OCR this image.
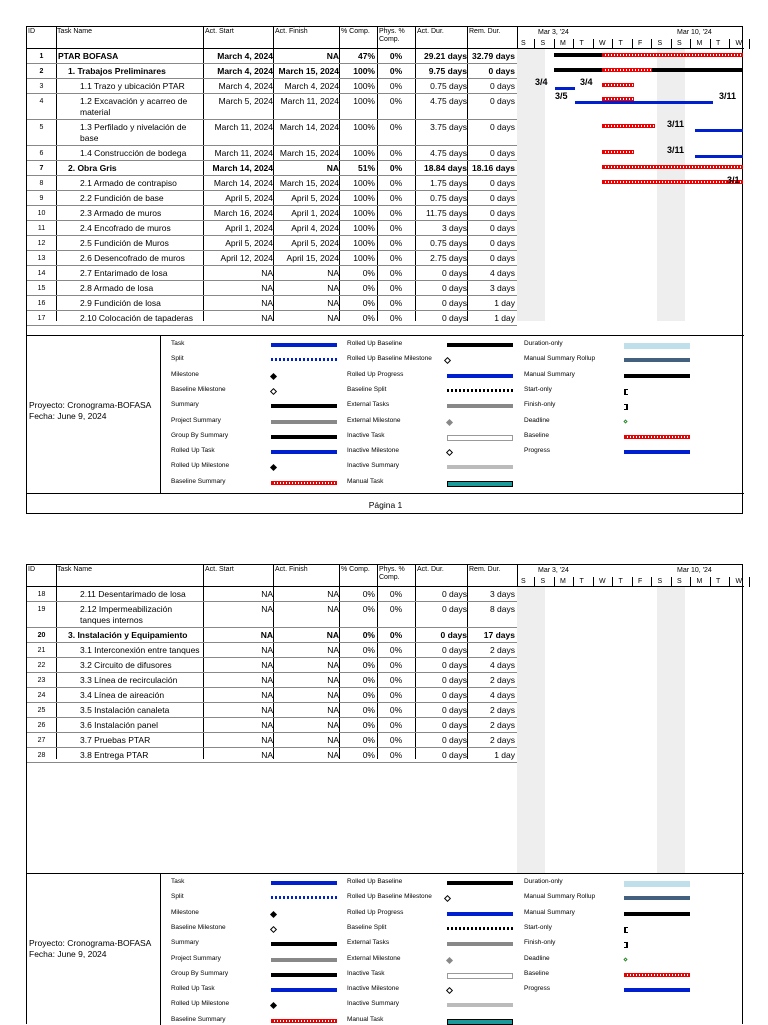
ID	Task Name	Act. Start	Act. Finish	% Comp. Phys. % Comp.
Act. Dur.	Rem. Dur.	Mar 3, '24	Mar 10, '24
S S M T W T F S S M T W
1	PTAR BOFASA	March 4, 2024	NA	47%	0%	29.21 days 32.79 days
2	1. Trabajos Preliminares	March 4, 2024 March 15, 2024	100%	0%	9.75 days	0 days
3	1.1 Trazo y ubicación PTAR	March 4, 2024	March 4, 2024	100%	0%	0.75 days	0 days
4	1.2 Excavación y acarreo de material
March 5, 2024 March 11, 2024	100%	0%	4.75 days	0 days
5	1.3 Perfilado y nivelación de base
March 11, 2024 March 14, 2024	100%	0%	3.75 days	0 days
6	1.4 Construcción de bodega	March 11, 2024 March 15, 2024	100%	0%	4.75 days	0 days
7	2. Obra Gris	March 14, 2024	NA	51%	0%	18.84 days 18.16 days
8	2.1 Armado de contrapiso	March 14, 2024 March 15, 2024	100%	0%	1.75 days	0 days
9	2.2 Fundición de base	April 5, 2024	April 5, 2024	100%	0%	0.75 days	0 days
10	2.3 Armado de muros	March 16, 2024	April 1, 2024	100%	0%	11.75 days	0 days
11	2.4 Encofrado de muros	April 1, 2024	April 4, 2024	100%	0%	3 days	0 days
12	2.5 Fundición de Muros	April 5, 2024	April 5, 2024	100%	0%	0.75 days	0 days
13	2.6 Desencofrado de muros	April 12, 2024	April 15, 2024	100%	0%	2.75 days	0 days
14	2.7 Entarimado de losa	NA	NA	0%	0%	0 days	4 days
15	2.8 Armado de losa	NA	NA	0%	0%	0 days	3 days
16	2.9 Fundición de losa	NA	NA	0%	0%	0 days	1 day
17	2.10 Colocación de tapaderas	NA	NA	0%	0%	0 days	1 day
3/4	3/4
3/5	3/11
3/11
3/11
3/1
Proyecto: Cronograma-BOFASA
Fecha: June 9, 2024
Task
Split
Milestone
Baseline Milestone
Summary
Project Summary
Group By Summary
Rolled Up Task
Rolled Up Milestone
Baseline Summary
Rolled Up Baseline
Rolled Up Baseline Milestone
Rolled Up Progress
Baseline Split
External Tasks
External Milestone
Inactive Task
Inactive Milestone
Inactive Summary
Manual Task
Duration-only
Manual Summary Rollup
Manual Summary
Start-only
Finish-only
Deadline
Baseline
Progress
Página 1
ID	Task Name	Act. Start	Act. Finish	% Comp. Phys. % Comp.
Act. Dur.	Rem. Dur.	Mar 3, '24	Mar 10, '24
S S M T W T F S S M T W
18	2.11 Desentarimado de losa	NA	NA	0%	0%	0 days	3 days
19	2.12 Impermeabilización tanques internos
NA	NA	0%	0%	0 days	8 days
20	3. Instalación y Equipamiento	NA	NA	0%	0%	0 days	17 days
21	3.1 Interconexión entre tanques	NA	NA	0%	0%	0 days	2 days
22	3.2 Circuito de difusores	NA	NA	0%	0%	0 days	4 days
23	3.3 Línea de recirculación	NA	NA	0%	0%	0 days	2 days
24	3.4 Línea de aireación	NA	NA	0%	0%	0 days	4 days
25	3.5 Instalación canaleta	NA	NA	0%	0%	0 days	2 days
26	3.6 Instalación panel	NA	NA	0%	0%	0 days	2 days
27	3.7 Pruebas PTAR	NA	NA	0%	0%	0 days	2 days
28	3.8 Entrega PTAR	NA	NA	0%	0%	0 days	1 day
Proyecto: Cronograma-BOFASA
Fecha: June 9, 2024
Task
Split
Milestone
Baseline Milestone
Summary
Project Summary
Group By Summary
Rolled Up Task
Rolled Up Milestone
Baseline Summary
Rolled Up Baseline
Rolled Up Baseline Milestone
Rolled Up Progress
Baseline Split
External Tasks
External Milestone
Inactive Task
Inactive Milestone
Inactive Summary
Manual Task
Duration-only
Manual Summary Rollup
Manual Summary
Start-only
Finish-only
Deadline
Baseline
Progress
